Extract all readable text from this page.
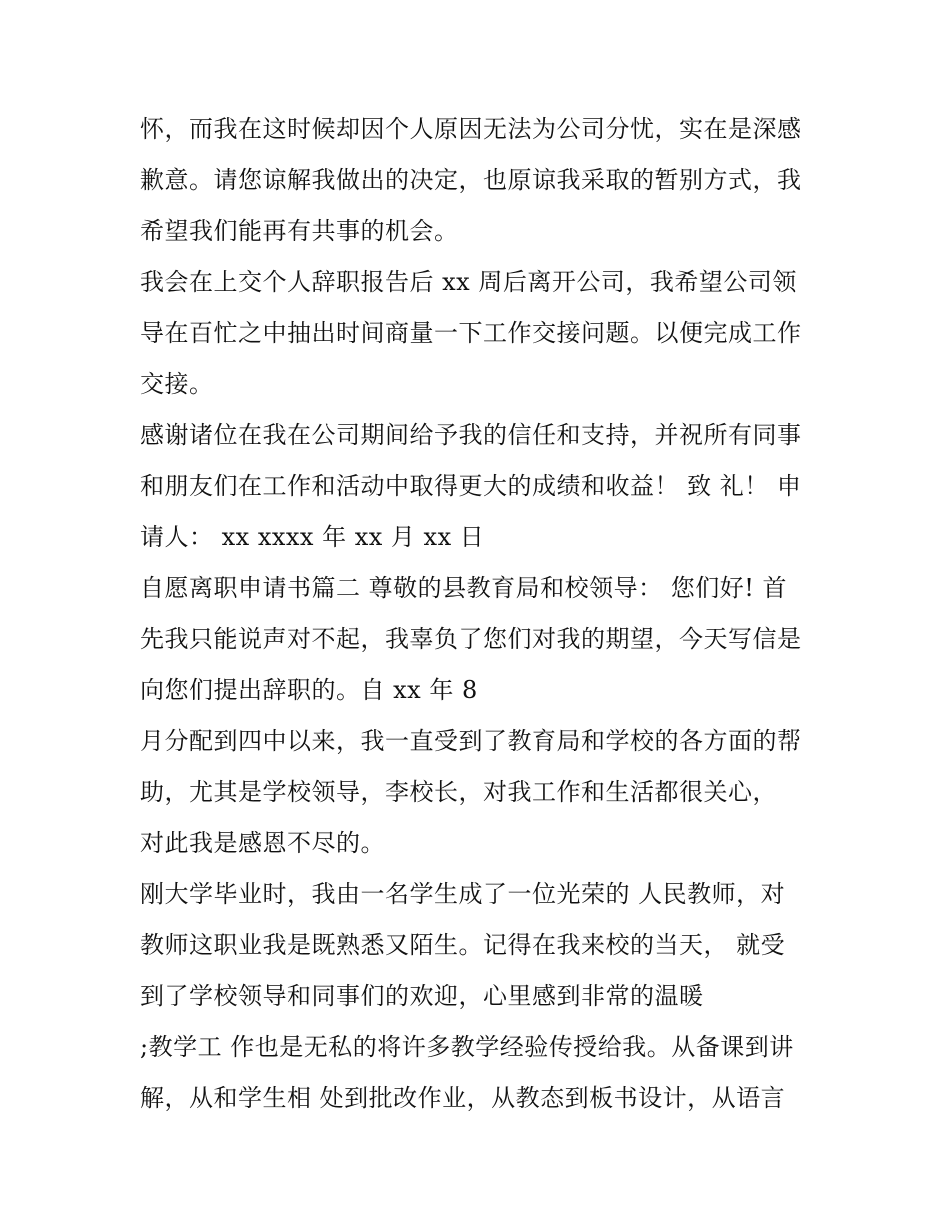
怀，而我在这时候却因个人原因无法为公司分忧，实在是深感
歉意。请您谅解我做出的决定，也原谅我采取的暂别方式，我
希望我们能再有共事的机会。
我会在上交个人辞职报告后 xx 周后离开公司，我希望公司领
导在百忙之中抽出时间商量一下工作交接问题。以便完成工作
交接。
感谢诸位在我在公司期间给予我的信任和支持，并祝所有同事
和朋友们在工作和活动中取得更大的成绩和收益！ 致 礼！ 申
请人： xx xxxx 年 xx 月 xx 日
自愿离职申请书篇二 尊敬的县教育局和校领导： 您们好! 首
先我只能说声对不起，我辜负了您们对我的期望，今天写信是
向您们提出辞职的。自 xx 年 8
月分配到四中以来，我一直受到了教育局和学校的各方面的帮
助，尤其是学校领导，李校长，对我工作和生活都很关心，
对此我是感恩不尽的。
刚大学毕业时，我由一名学生成了一位光荣的 人民教师，对
教师这职业我是既熟悉又陌生。记得在我来校的当天， 就受
到了学校领导和同事们的欢迎，心里感到非常的温暖
;教学工 作也是无私的将许多教学经验传授给我。从备课到讲
解，从和学生相 处到批改作业，从教态到板书设计，从语言
